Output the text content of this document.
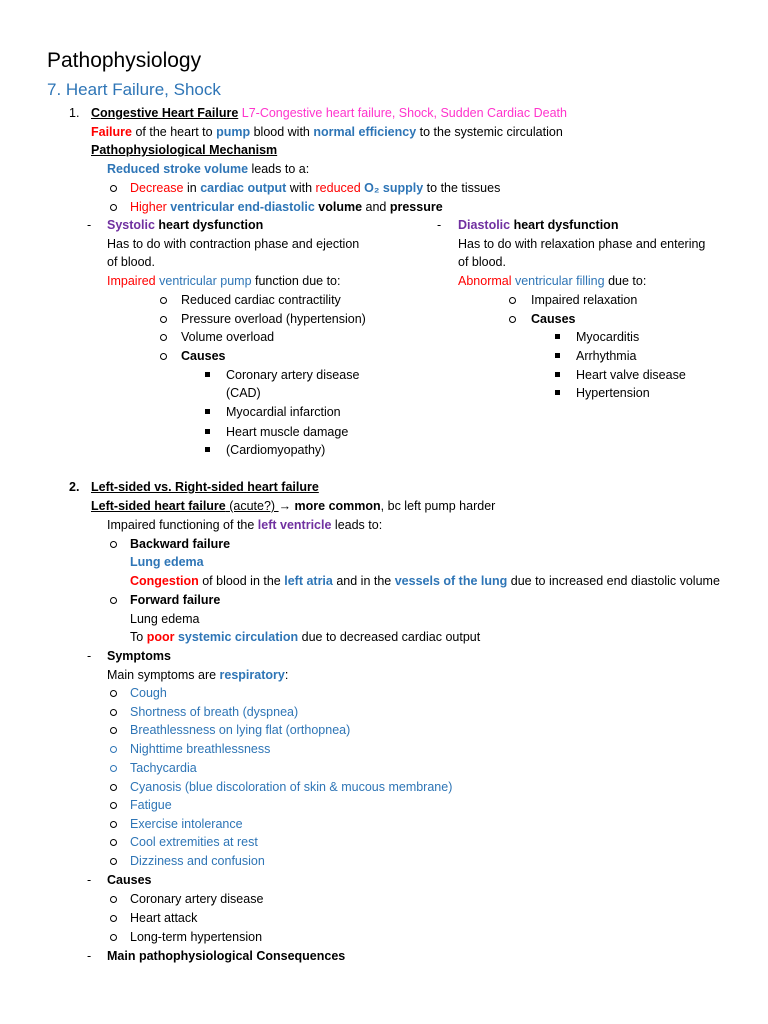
Pathophysiology
7. Heart Failure, Shock
1. Congestive Heart Failure L7-Congestive heart failure, Shock, Sudden Cardiac Death
Failure of the heart to pump blood with normal efficiency to the systemic circulation
Pathophysiological Mechanism
Reduced stroke volume leads to a:
Decrease in cardiac output with reduced O₂ supply to the tissues
Higher ventricular end-diastolic volume and pressure
- Systolic heart dysfunction
Has to do with contraction phase and ejection
of blood.
Impaired ventricular pump function due to:
Reduced cardiac contractility
Pressure overload (hypertension)
Volume overload
Causes
Coronary artery disease
(CAD)
Myocardial infarction
Heart muscle damage
(Cardiomyopathy)
- Diastolic heart dysfunction
Has to do with relaxation phase and entering
of blood.
Abnormal ventricular filling due to:
Impaired relaxation
Causes
Myocarditis
Arrhythmia
Heart valve disease
Hypertension
2. Left-sided vs. Right-sided heart failure
Left-sided heart failure (acute?) → more common, bc left pump harder
Impaired functioning of the left ventricle leads to:
Backward failure
Lung edema
Congestion of blood in the left atria and in the vessels of the lung due to increased end diastolic volume
Forward failure
Lung edema
To poor systemic circulation due to decreased cardiac output
- Symptoms
Main symptoms are respiratory:
Cough
Shortness of breath (dyspnea)
Breathlessness on lying flat (orthopnea)
Nighttime breathlessness
Tachycardia
Cyanosis (blue discoloration of skin & mucous membrane)
Fatigue
Exercise intolerance
Cool extremities at rest
Dizziness and confusion
- Causes
Coronary artery disease
Heart attack
Long-term hypertension
- Main pathophysiological Consequences
